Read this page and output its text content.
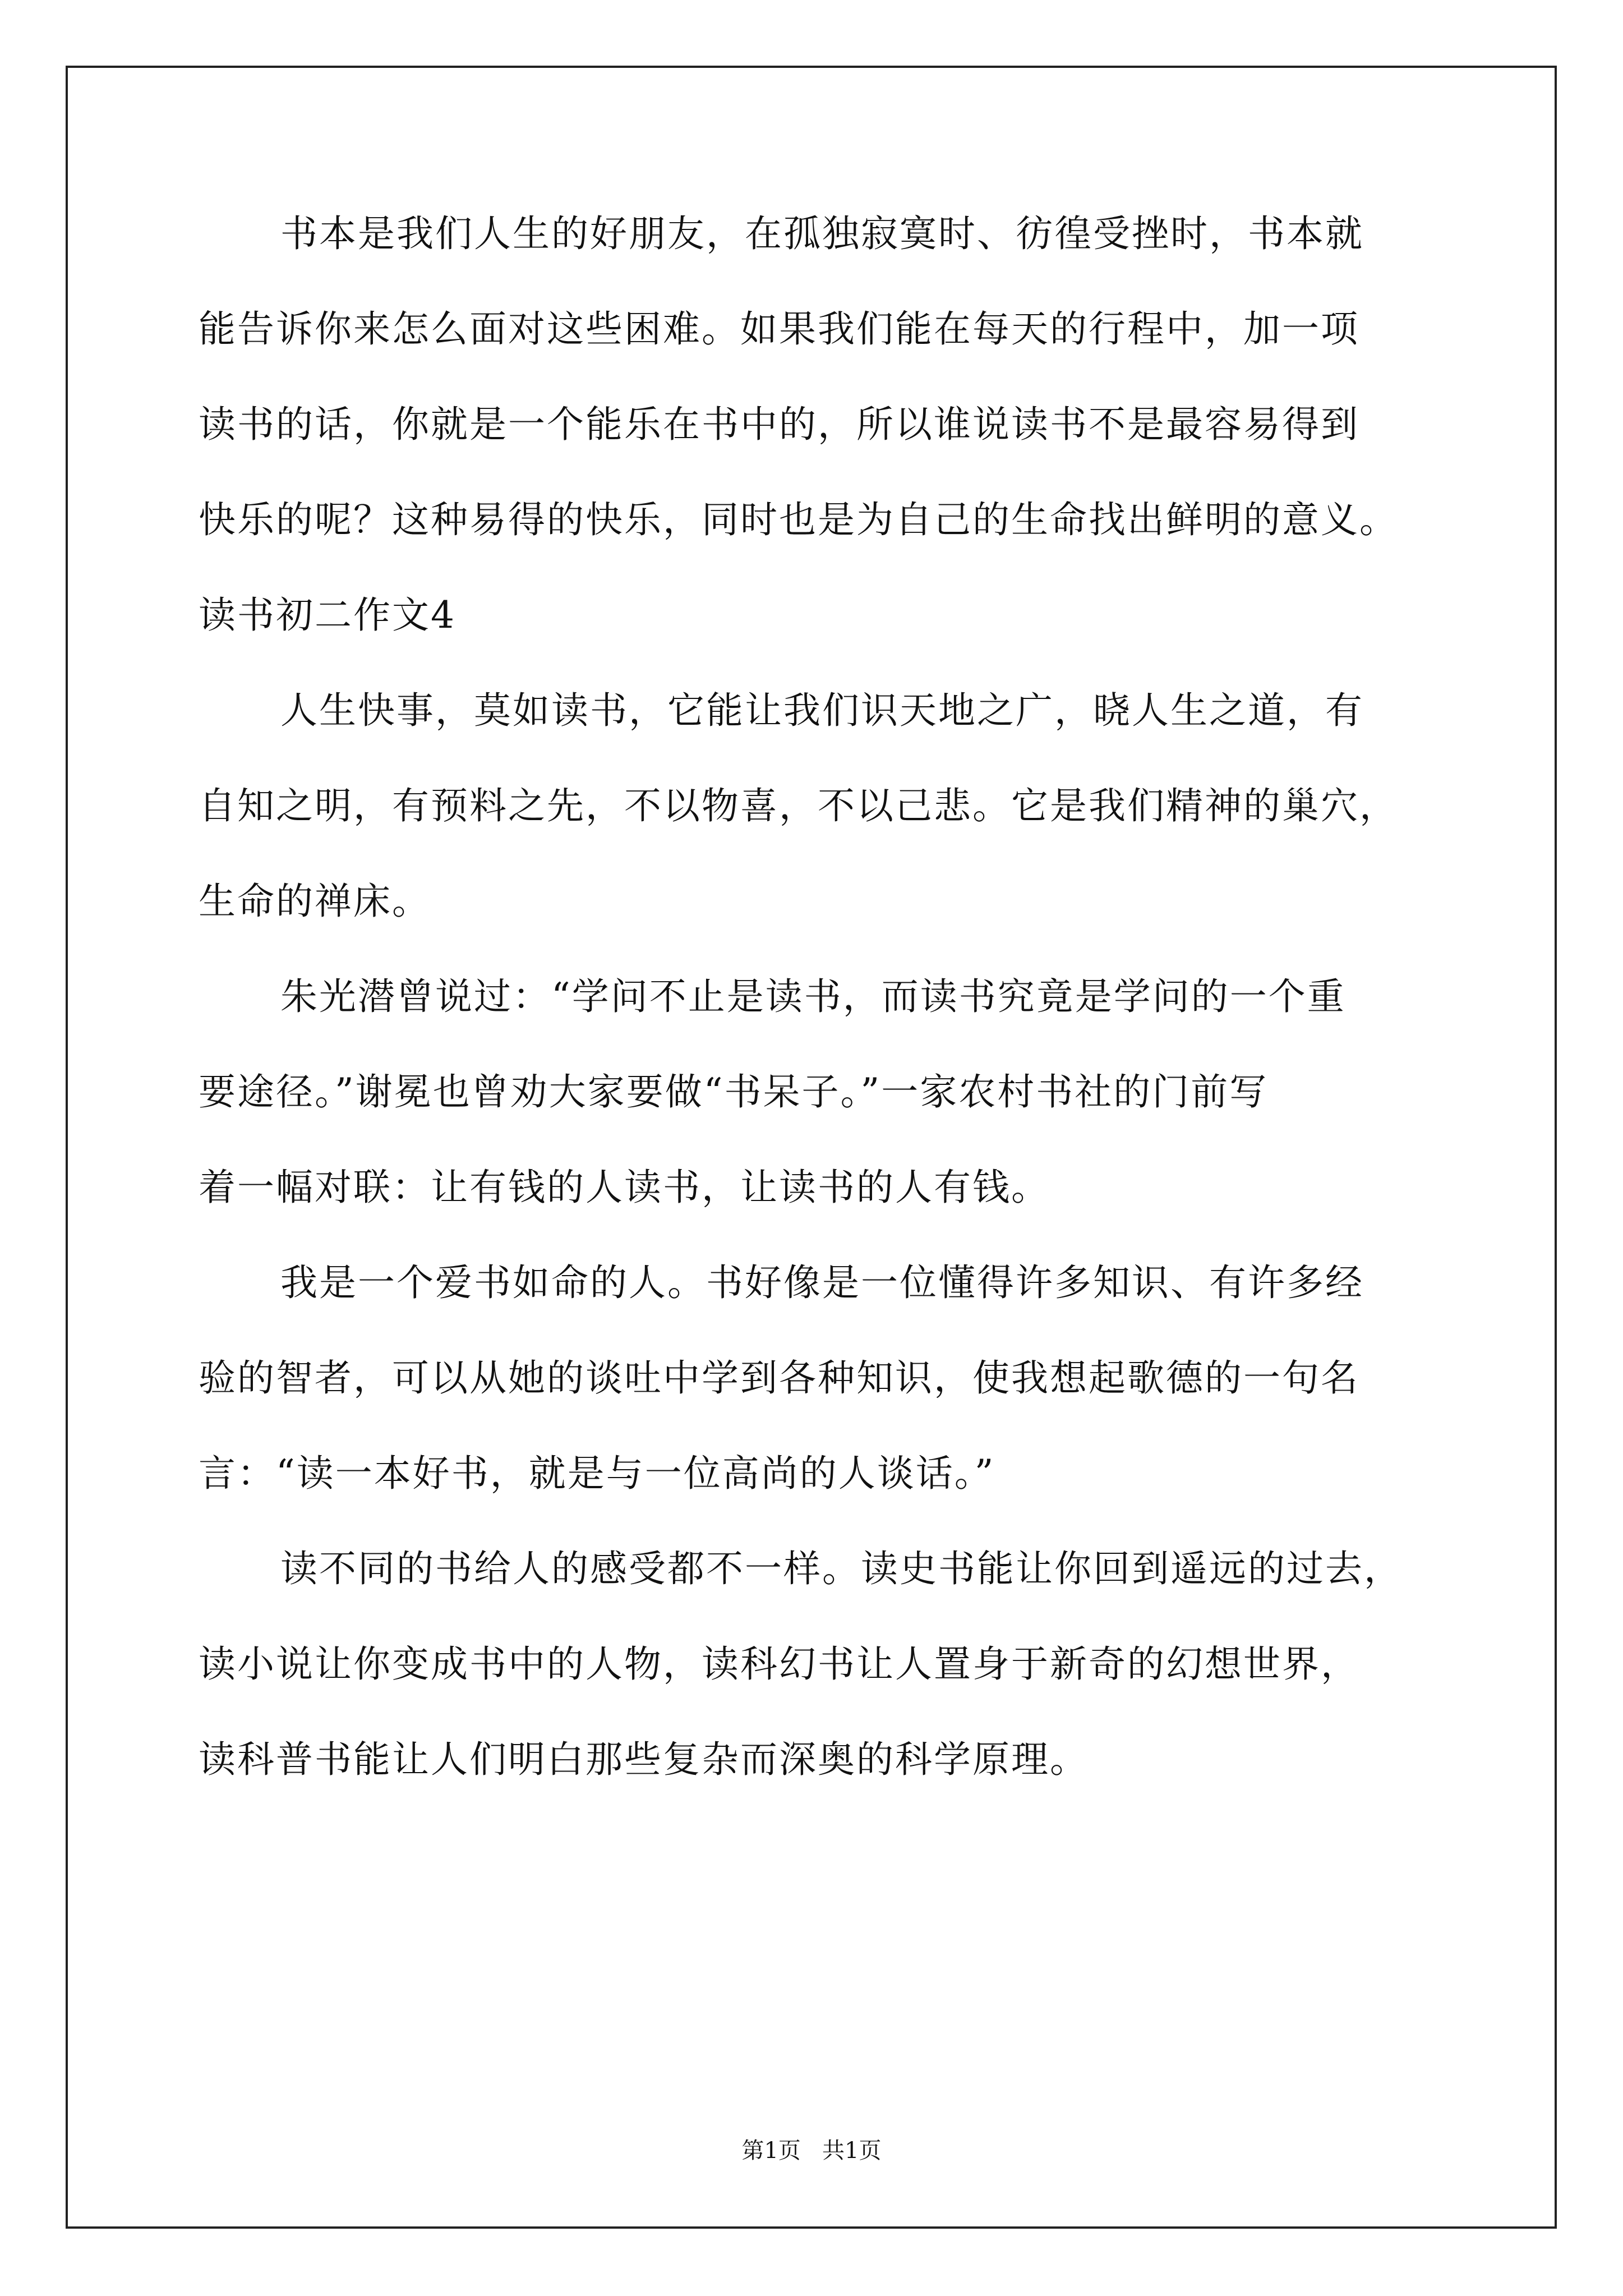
书本是我们人生的好朋友，在孤独寂寞时、彷徨受挫时，书本就
能告诉你来怎么面对这些困难。如果我们能在每天的行程中，加一项
读书的话，你就是一个能乐在书中的，所以谁说读书不是最容易得到
快乐的呢？这种易得的快乐，同时也是为自己的生命找出鲜明的意义。
读书初二作文4
人生快事，莫如读书，它能让我们识天地之广，晓人生之道，有
自知之明，有预料之先，不以物喜，不以己悲。它是我们精神的巢穴，
生命的禅床。
朱光潜曾说过：“学问不止是读书，而读书究竟是学问的一个重
要途径。”谢冕也曾劝大家要做“书呆子。”一家农村书社的门前写
着一幅对联：让有钱的人读书，让读书的人有钱。
我是一个爱书如命的人。书好像是一位懂得许多知识、有许多经
验的智者，可以从她的谈吐中学到各种知识，使我想起歌德的一句名
言：“读一本好书，就是与一位高尚的人谈话。”
读不同的书给人的感受都不一样。读史书能让你回到遥远的过去，
读小说让你变成书中的人物，读科幻书让人置身于新奇的幻想世界，
读科普书能让人们明白那些复杂而深奥的科学原理。
第1页   共1页
